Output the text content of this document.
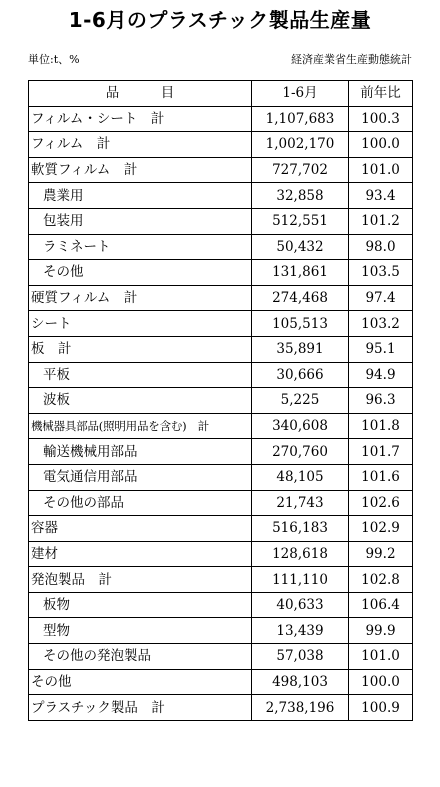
1-6月のプラスチック製品生産量
単位:t、%	経済産業省生産動態統計
品　目	1-6月	前年比
フィルム・シート　計	1,107,683	100.3
フィルム　計	1,002,170	100.0
軟質フィルム　計	727,702	101.0
農業用	32,858	93.4
包装用	512,551	101.2
ラミネート	50,432	98.0
その他	131,861	103.5
硬質フィルム　計	274,468	97.4
シート	105,513	103.2
板　計	35,891	95.1
平板	30,666	94.9
波板	5,225	96.3
機械器具部品(照明用品を含む)　計	340,608	101.8
輸送機械用部品	270,760	101.7
電気通信用部品	48,105	101.6
その他の部品	21,743	102.6
容器	516,183	102.9
建材	128,618	99.2
発泡製品　計	111,110	102.8
板物	40,633	106.4
型物	13,439	99.9
その他の発泡製品	57,038	101.0
その他	498,103	100.0
プラスチック製品　計	2,738,196	100.9
